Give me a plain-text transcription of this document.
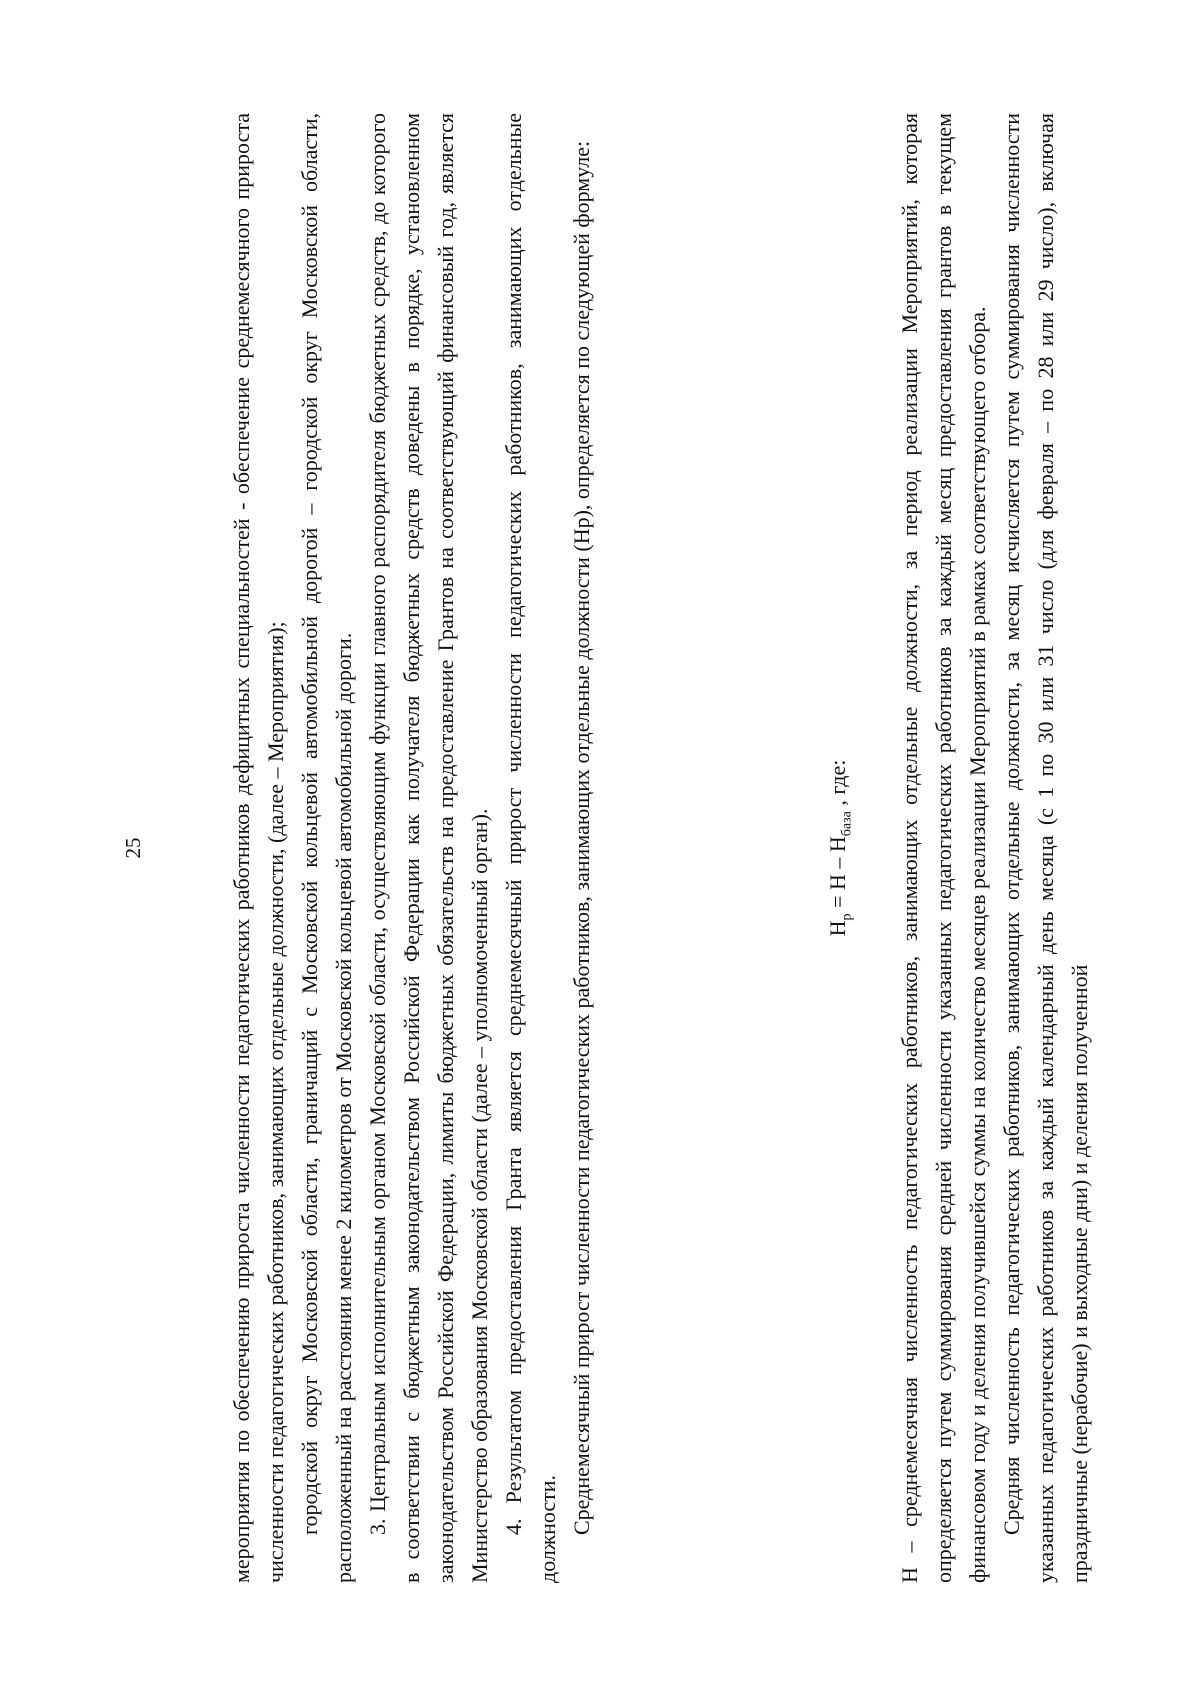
25	мероприятия по обеспечению прироста численности педагогических работников дефицитных специальностей - обеспечение среднемесячного прироста численности педагогических работников, занимающих отдельные должности, (далее – Мероприятия); городской округ Московской области, граничащий с Московской кольцевой автомобильной дорогой – городской округ Московской области, расположенный на расстоянии менее 2 километров от Московской кольцевой автомобильной дороги. 3. Центральным исполнительным органом Московской области, осуществляющим функции главного распорядителя бюджетных средств, до которого в соответствии с бюджетным законодательством Российской Федерации как получателя бюджетных средств доведены в порядке, установленном законодательством Российской Федерации, лимиты бюджетных обязательств на предоставление Грантов на соответствующий финансовый год, является Министерство образования Московской области (далее – уполномоченный орган). 4. Результатом предоставления Гранта является среднемесячный прирост численности педагогических работников, занимающих отдельные должности. Среднемесячный прирост численности педагогических работников, занимающих отдельные должности (Нр), определяется по следующей формуле:	$Н_р = Н - Н_{база}$ , где: Н – среднемесячная численность педагогических работников, занимающих отдельные должности, за период реализации Мероприятий, которая определяется путем суммирования средней численности указанных педагогических работников за каждый месяц предоставления грантов в текущем финансовом году и деления получившейся суммы на количество месяцев реализации Мероприятий в рамках соответствующего отбора. Средняя численность педагогических работников, занимающих отдельные должности, за месяц исчисляется путем суммирования численности указанных педагогических работников за каждый календарный день месяца (с 1 по 30 или 31 число (для февраля – по 28 или 29 число), включая праздничные (нерабочие) и выходные дни) и деления полученной
